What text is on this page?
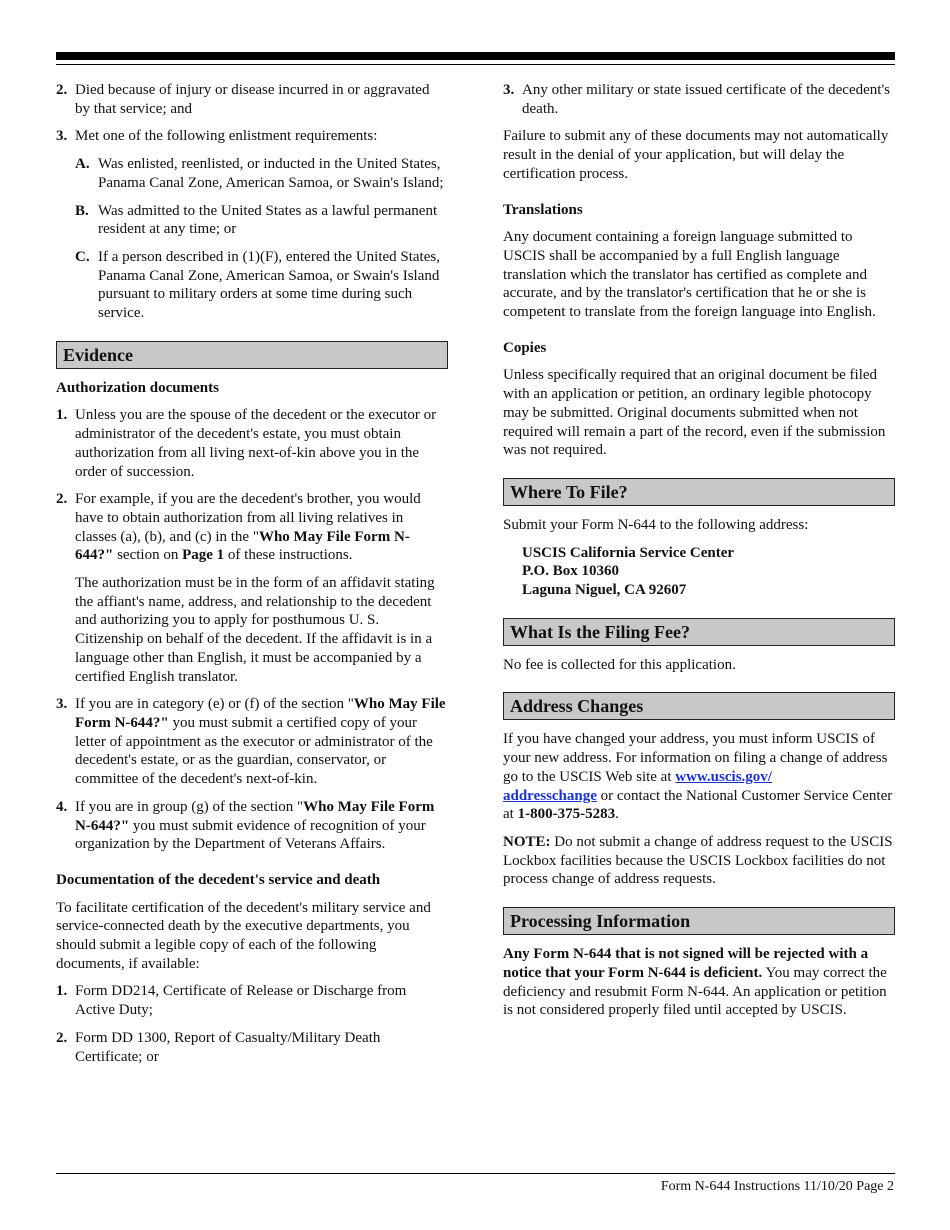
2. Died because of injury or disease incurred in or aggravated by that service; and
3. Met one of the following enlistment requirements:
A. Was enlisted, reenlisted, or inducted in the United States, Panama Canal Zone, American Samoa, or Swain's Island;
B. Was admitted to the United States as a lawful permanent resident at any time; or
C. If a person described in (1)(F), entered the United States, Panama Canal Zone, American Samoa, or Swain's Island pursuant to military orders at some time during such service.
Evidence
Authorization documents
1. Unless you are the spouse of the decedent or the executor or administrator of the decedent's estate, you must obtain authorization from all living next-of-kin above you in the order of succession.
2. For example, if you are the decedent's brother, you would have to obtain authorization from all living relatives in classes (a), (b), and (c) in the "Who May File Form N-644?" section on Page 1 of these instructions.

The authorization must be in the form of an affidavit stating the affiant's name, address, and relationship to the decedent and authorizing you to apply for posthumous U. S. Citizenship on behalf of the decedent. If the affidavit is in a language other than English, it must be accompanied by a certified English translator.

3. If you are in category (e) or (f) of the section "Who May File Form N-644?" you must submit a certified copy of your letter of appointment as the executor or administrator of the decedent's estate, or as the guardian, conservator, or committee of the decedent's next-of-kin.
4. If you are in group (g) of the section "Who May File Form N-644?" you must submit evidence of recognition of your organization by the Department of Veterans Affairs.
Documentation of the decedent's service and death

To facilitate certification of the decedent's military service and service-connected death by the executive departments, you should submit a legible copy of each of the following documents, if available:

1. Form DD214, Certificate of Release or Discharge from Active Duty;
2. Form DD 1300, Report of Casualty/Military Death Certificate; or
3. Any other military or state issued certificate of the decedent's death.

Failure to submit any of these documents may not automatically result in the denial of your application, but will delay the certification process.

Translations

Any document containing a foreign language submitted to USCIS shall be accompanied by a full English language translation which the translator has certified as complete and accurate, and by the translator's certification that he or she is competent to translate from the foreign language into English.

Copies

Unless specifically required that an original document be filed with an application or petition, an ordinary legible photocopy may be submitted. Original documents submitted when not required will remain a part of the record, even if the submission was not required.

Where To File?

Submit your Form N-644 to the following address:

USCIS California Service Center
P.O. Box 10360
Laguna Niguel, CA 92607
What Is the Filing Fee?

No fee is collected for this application.

Address Changes

If you have changed your address, you must inform USCIS of your new address. For information on filing a change of address go to the USCIS Web site at www.uscis.gov/
addresschange or contact the National Customer Service Center at 1-800-375-5283.

NOTE: Do not submit a change of address request to the USCIS Lockbox facilities because the USCIS Lockbox facilities do not process change of address requests.

Processing Information

Any Form N-644 that is not signed will be rejected with a notice that your Form N-644 is deficient. You may correct the deficiency and resubmit Form N-644. An application or petition is not considered properly filed until accepted by USCIS.

Form N-644 Instructions 11/10/20 Page 2
